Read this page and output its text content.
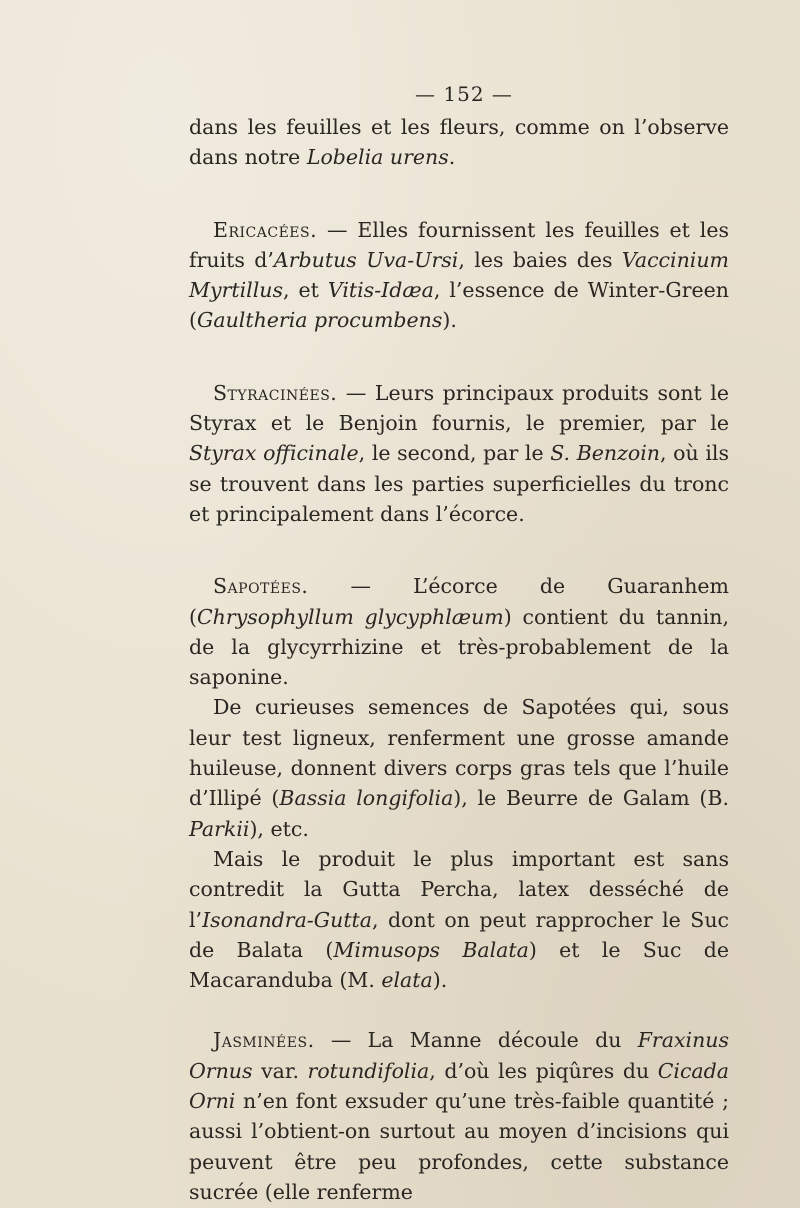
— 152 —

dans les feuilles et les fleurs, comme on l’observe dans notre Lobelia urens.

Ericacées. — Elles fournissent les feuilles et les fruits d’Arbutus Uva-Ursi, les baies des Vaccinium Myrtillus, et Vitis-Idæa, l’essence de Winter-Green (Gaultheria procumbens).

Styracinées. — Leurs principaux produits sont le Styrax et le Benjoin fournis, le premier, par le Styrax officinale, le second, par le S. Benzoin, où ils se trouvent dans les parties superficielles du tronc et principalement dans l’écorce.

Sapotées. — L’écorce de Guaranhem (Chrysophyllum glycyphlæum) contient du tannin, de la glycyrrhizine et très-probablement de la saponine.

De curieuses semences de Sapotées qui, sous leur test ligneux, renferment une grosse amande huileuse, donnent divers corps gras tels que l’huile d’Illipé (Bassia longifolia), le Beurre de Galam (B. Parkii), etc.

Mais le produit le plus important est sans contredit la Gutta Percha, latex desséché de l’Isonandra-Gutta, dont on peut rapprocher le Suc de Balata (Mimusops Balata) et le Suc de Macaranduba (M. elata).

Jasminées. — La Manne découle du Fraxinus Ornus var. rotundifolia, d’où les piqûres du Cicada Orni n’en font exsuder qu’une très-faible quantité ; aussi l’obtient-on surtout au moyen d’incisions qui peuvent être peu profondes, cette substance sucrée (elle renferme
